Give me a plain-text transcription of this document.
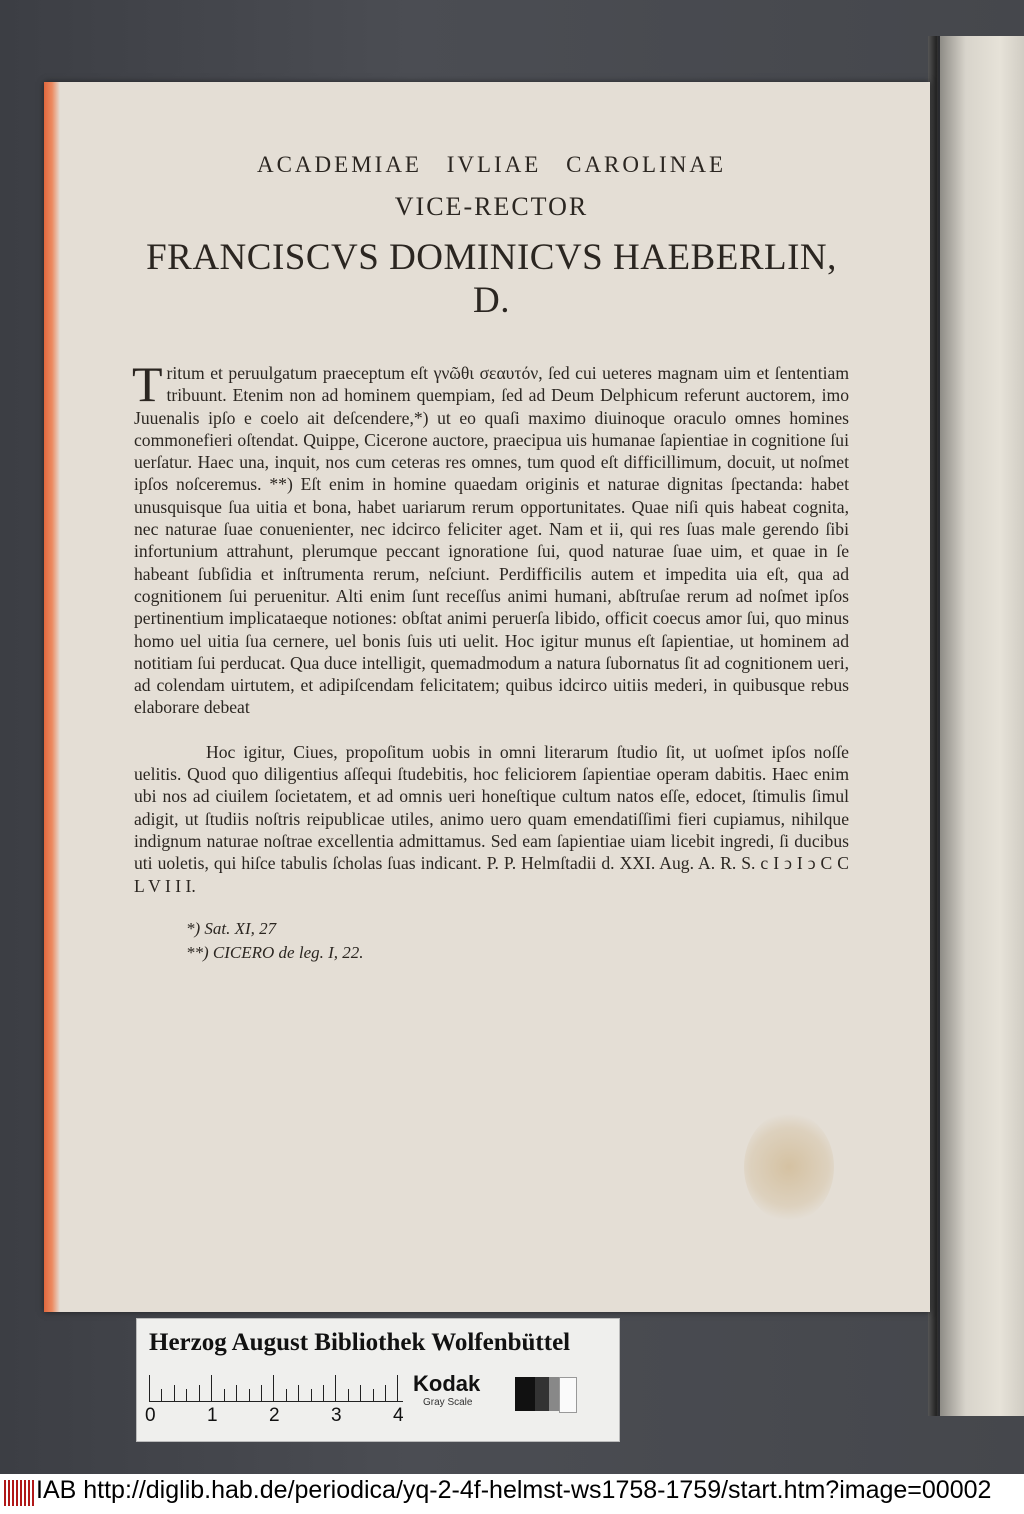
ACADEMIAE IVLIAE CAROLINAE
VICE-RECTOR
FRANCISCVS DOMINICVS HAEBERLIN, D.
T ritum et peruulgatum praeceptum eſt γνῶθι σεαυτόν, ſed cui ueteres magnam uim et ſententiam tribuunt. Etenim non ad hominem quempiam, ſed ad Deum Delphicum referunt auctorem, imo Juuenalis ipſo e coelo ait deſcendere,*) ut eo quaſi maximo diuinoque oraculo omnes homines commonefieri oſtendat. Quippe, Cicerone auctore, praecipua uis humanae ſapientiae in cognitione ſui uerſatur. Haec una, inquit, nos cum ceteras res omnes, tum quod eſt difficillimum, docuit, ut noſmet ipſos noſceremus. **) Eſt enim in homine quaedam originis et naturae dignitas ſpectanda: habet unusquisque ſua uitia et bona, habet uariarum rerum opportunitates. Quae niſi quis habeat cognita, nec naturae ſuae conuenienter, nec idcirco feliciter aget. Nam et ii, qui res ſuas male gerendo ſibi infortunium attrahunt, plerumque peccant ignoratione ſui, quod naturae ſuae uim, et quae in ſe habeant ſubſidia et inſtrumenta rerum, neſciunt. Perdifficilis autem et impedita uia eſt, qua ad cognitionem ſui peruenitur. Alti enim ſunt receſſus animi humani, abſtruſae rerum ad noſmet ipſos pertinentium implicataeque notiones: obſtat animi peruerſa libido, officit coecus amor ſui, quo minus homo uel uitia ſua cernere, uel bonis ſuis uti uelit. Hoc igitur munus eſt ſapientiae, ut hominem ad notitiam ſui perducat. Qua duce intelligit, quemadmodum a natura ſubornatus ſit ad cognitionem ueri, ad colendam uirtutem, et adipiſcendam felicitatem; quibus idcirco uitiis mederi, in quibusque rebus elaborare debeat
Hoc igitur, Ciues, propoſitum uobis in omni literarum ſtudio ſit, ut uoſmet ipſos noſſe uelitis. Quod quo diligentius aſſequi ſtudebitis, hoc feliciorem ſapientiae operam dabitis. Haec enim ubi nos ad ciuilem ſocietatem, et ad omnis ueri honeſtique cultum natos eſſe, edocet, ſtimulis ſimul adigit, ut ſtudiis noſtris reipublicae utiles, animo uero quam emendatiſſimi fieri cupiamus, nihilque indignum naturae noſtrae excellentia admittamus. Sed eam ſapientiae uiam licebit ingredi, ſi ducibus uti uoletis, qui hiſce tabulis ſcholas ſuas indicant. P. P. Helmſtadii d. XXI. Aug. A. R. S. c I ↄ I ↄ C C L V I I I.
*) Sat. XI, 27
**) CICERO de leg. I, 22.
Herzog August Bibliothek Wolfenbüttel
0	1	2	3	4
Kodak
Gray Scale
IAB http://diglib.hab.de/periodica/yq-2-4f-helmst-ws1758-1759/start.htm?image=00002
